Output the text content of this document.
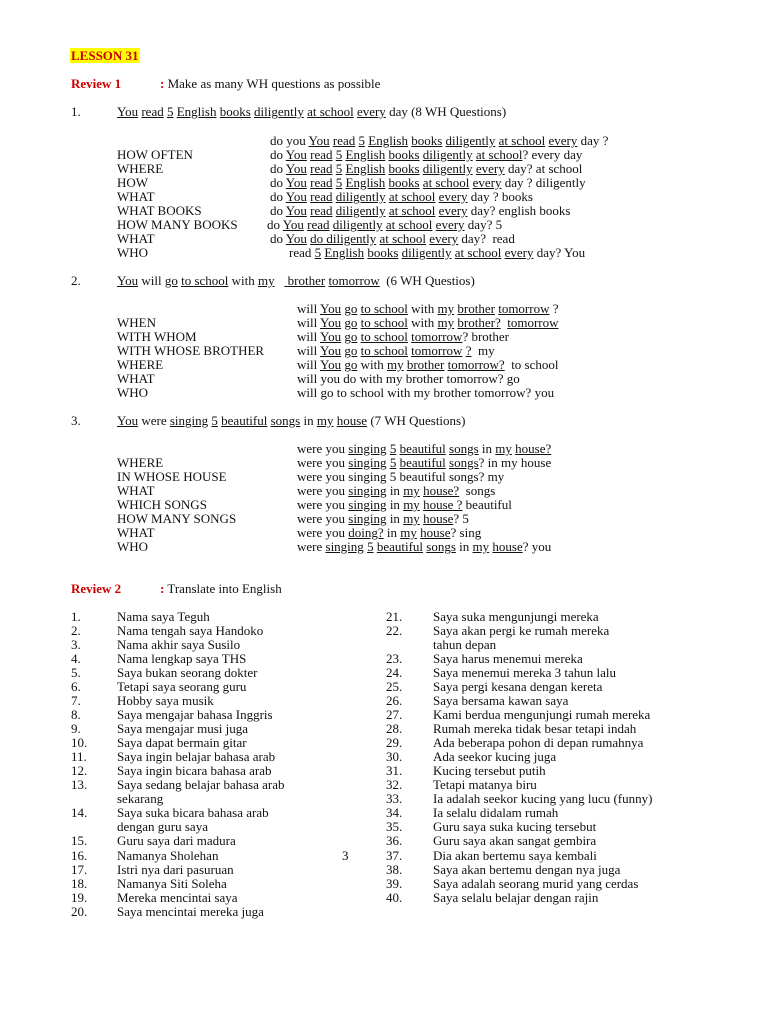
LESSON 31
Review 1	: Make as many WH questions as possible
1.	You read 5 English books diligently at school every day (8 WH Questions)
do you You read 5 English books diligently at school every day ?
HOW OFTEN	do You read 5 English books diligently at school? every day
WHERE	do You read 5 English books diligently every day? at school
HOW	do You read 5 English books at school every day ? diligently
WHAT	do You read diligently at school every day ? books
WHAT BOOKS	do You read diligently at school every day? english books
HOW MANY BOOKS do You read diligently at school every day? 5
WHAT	do You do diligently at school every day?  read
WHO	read 5 English books diligently at school every day? You
2.	You will go to school with my    brother tomorrow (6 WH Questios)
will You go to school with my brother tomorrow ?
WHEN	will You go to school with my brother? tomorrow
WITH WHOM	will You go to school tomorrow? brother
WITH WHOSE BROTHER	will You go to school tomorrow ?  my
WHERE	will You go with my brother tomorrow?  to school
WHAT	will you do with my brother tomorrow? go
WHO	will go to school with my brother tomorrow? you
3.	You were singing 5 beautiful songs in my house (7 WH Questions)
were you singing 5 beautiful songs in my house?
WHERE	were you singing 5 beautiful songs? in my house
IN WHOSE HOUSE	were you singing 5 beautiful songs? my
WHAT	were you singing in my house?  songs
WHICH SONGS	were you singing in my house ? beautiful
HOW MANY SONGS	were you singing in my house? 5
WHAT	were you doing? in my house? sing
WHO	were singing 5 beautiful songs in my house? you
Review 2	: Translate into English
1.	Nama saya Teguh
2.	Nama tengah saya Handoko
3.	Nama akhir saya Susilo
4.	Nama lengkap saya THS
5.	Saya bukan seorang dokter
6.	Tetapi saya seorang guru
7.	Hobby saya musik
8.	Saya mengajar bahasa Inggris
9.	Saya mengajar musi juga
10. Saya dapat bermain gitar
11. Saya ingin belajar bahasa arab
12. Saya ingin bicara bahasa arab
13. Saya sedang belajar bahasa arab
sekarang
14. Saya suka bicara bahasa arab
dengan guru saya
15. Guru saya dari madura
16. Namanya Sholehan
17. Istri nya dari pasuruan
18. Namanya Siti Soleha
19. Mereka mencintai saya
20. Saya mencintai mereka juga
3
21. Saya suka mengunjungi mereka
22. Saya akan pergi ke rumah mereka
tahun depan
23. Saya harus menemui mereka
24. Saya menemui mereka 3 tahun lalu
25. Saya pergi kesana dengan kereta
26. Saya bersama kawan saya
27. Kami berdua mengunjungi rumah mereka
28. Rumah mereka tidak besar tetapi indah
29. Ada beberapa pohon di depan rumahnya
30. Ada seekor kucing juga
31. Kucing tersebut putih
32. Tetapi matanya biru
33. Ia adalah seekor kucing yang lucu (funny)
34. Ia selalu didalam rumah
35. Guru saya suka kucing tersebut
36. Guru saya akan sangat gembira
37. Dia akan bertemu saya kembali
38. Saya akan bertemu dengan nya juga
39. Saya adalah seorang murid yang cerdas
40. Saya selalu belajar dengan rajin
